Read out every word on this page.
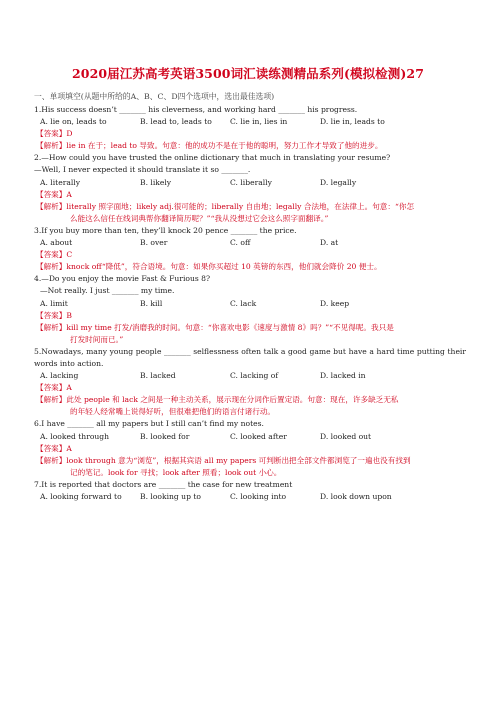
2020届江苏高考英语3500词汇读练测精品系列(模拟检测)27
一、单项填空(从题中所给的A、B、C、D四个选项中，选出最佳选项)
1.His success doesn’t _______ his cleverness, and working hard _______ his progress.
A. lie on, leads to	B. lead to, leads to	C. lie in, lies in	D. lie in, leads to
【答案】D
【解析】lie in 在于；lead to 导致。句意：他的成功不是在于他的聪明，努力工作才导致了他的进步。
2.—How could you have trusted the online dictionary that much in translating your resume?
—Well, I never expected it should translate it so _______.
A. literally	B. likely	C. liberally	D. legally
【答案】A
【解析】literally 照字面地；likely adj.很可能的；liberally 自由地；legally 合法地，在法律上。句意：“你怎
么能这么信任在线词典帮你翻译简历呢？”“我从没想过它会这么照字面翻译。”
3.If you buy more than ten, they’ll knock 20 pence _______ the price.
A. about	B. over	C. off	D. at
【答案】C
【解析】knock off“降低”，符合语境。句意：如果你买超过 10 英镑的东西，他们就会降价 20 便士。
4.—Do you enjoy the movie Fast & Furious 8?
—Not really. I just _______ my time.
A. limit	B. kill	C. lack	D. keep
【答案】B
【解析】kill my time 打发/消磨我的时间。句意：“你喜欢电影《速度与激情 8》吗？”“不见得呢。我只是
打发时间而已。”
5.Nowadays, many young people _______ selflessness often talk a good game but have a hard time putting their words into action.
A. lacking	B. lacked	C. lacking of	D. lacked in
【答案】A
【解析】此处 people 和 lack 之间是一种主动关系，展示现在分词作后置定语。句意：现在，许多缺乏无私
的年轻人经常嘴上说得好听，但很难把他们的语言付诸行动。
6.I have _______ all my papers but I still can’t find my notes.
A. looked through	B. looked for	C. looked after	D. looked out
【答案】A
【解析】look through 意为“浏览”，根据其宾语 all my papers 可判断出把全部文件都浏览了一遍也没有找到
记的笔记。look for 寻找；look after 照看；look out 小心。
7.It is reported that doctors are _______ the case for new treatment
A. looking forward to	B. looking up to	C. looking into	D. look down upon
